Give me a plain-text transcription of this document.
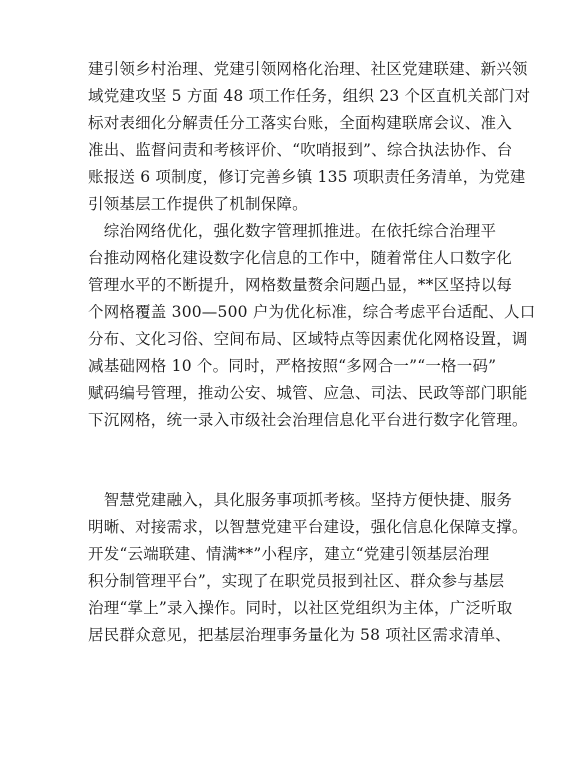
建引领乡村治理、党建引领网格化治理、社区党建联建、新兴领
域党建攻坚 5 方面 48 项工作任务，组织 23 个区直机关部门对
标对表细化分解责任分工落实台账，全面构建联席会议、准入
准出、监督问责和考核评价、“吹哨报到”、综合执法协作、台
账报送 6 项制度，修订完善乡镇 135 项职责任务清单，为党建
引领基层工作提供了机制保障。
　综治网络优化，强化数字管理抓推进。在依托综合治理平
台推动网格化建设数字化信息的工作中，随着常住人口数字化
管理水平的不断提升，网格数量赘余问题凸显，**区坚持以每
个网格覆盖 300—500 户为优化标准，综合考虑平台适配、人口
分布、文化习俗、空间布局、区域特点等因素优化网格设置，调
减基础网格 10 个。同时，严格按照“多网合一”“一格一码”
赋码编号管理，推动公安、城管、应急、司法、民政等部门职能
下沉网格，统一录入市级社会治理信息化平台进行数字化管理。
　智慧党建融入，具化服务事项抓考核。坚持方便快捷、服务
明晰、对接需求，以智慧党建平台建设，强化信息化保障支撑。
开发“云端联建、情满**”小程序，建立“党建引领基层治理
积分制管理平台”，实现了在职党员报到社区、群众参与基层
治理“掌上”录入操作。同时，以社区党组织为主体，广泛听取
居民群众意见，把基层治理事务量化为 58 项社区需求清单、
